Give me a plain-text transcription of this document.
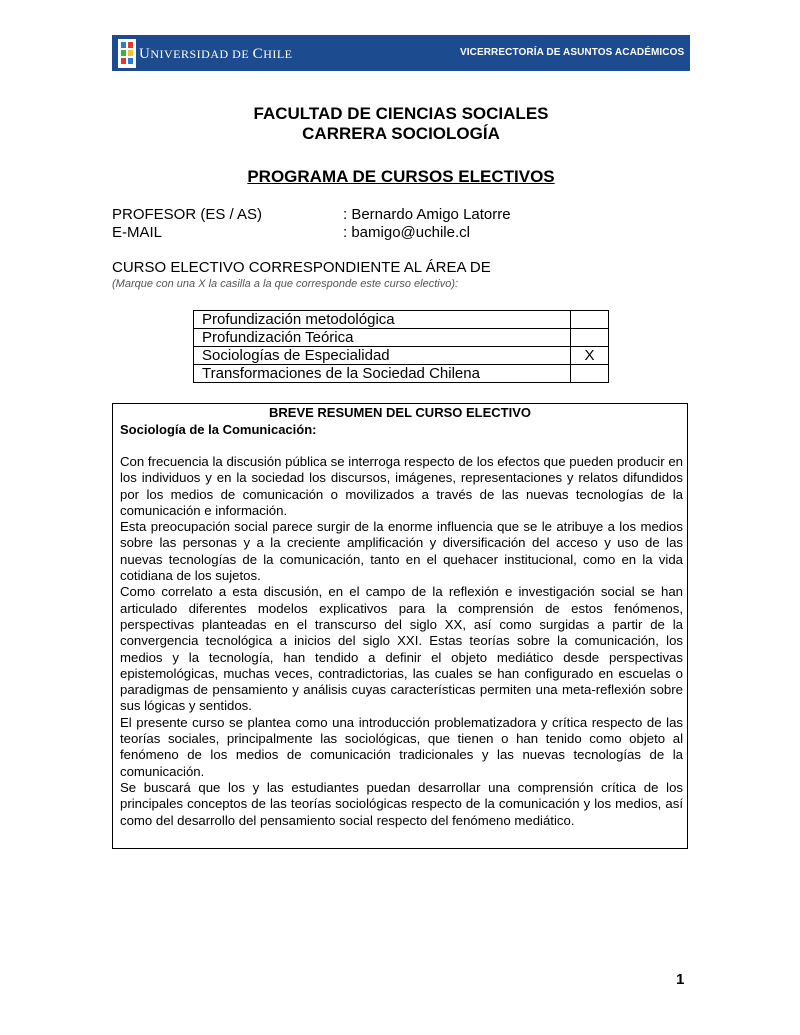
UNIVERSIDAD DE CHILE	VICERRECTORÍA DE ASUNTOS ACADÉMICOS
FACULTAD DE CIENCIAS SOCIALES
CARRERA SOCIOLOGÍA
PROGRAMA DE CURSOS ELECTIVOS
PROFESOR (ES / AS)	: Bernardo Amigo Latorre
E-MAIL	: bamigo@uchile.cl
CURSO ELECTIVO CORRESPONDIENTE AL ÁREA DE
(Marque con una X la casilla a la que corresponde este curso electivo):
Profundización metodológica	
Profundización Teórica	
Sociologías de Especialidad	X
Transformaciones de la Sociedad Chilena	
BREVE RESUMEN DEL CURSO ELECTIVO
Sociología de la Comunicación:

Con frecuencia la discusión pública se interroga respecto de los efectos que pueden producir en los individuos y en la sociedad los discursos, imágenes, representaciones y relatos difundidos por los medios de comunicación o movilizados a través de las nuevas tecnologías de la comunicación e información.

Esta preocupación social parece surgir de la enorme influencia que se le atribuye a los medios sobre las personas y a la creciente amplificación y diversificación del acceso y uso de las nuevas tecnologías de la comunicación, tanto en el quehacer institucional, como en la vida cotidiana de los sujetos.

Como correlato a esta discusión, en el campo de la reflexión e investigación social se han articulado diferentes modelos explicativos para la comprensión de estos fenómenos, perspectivas planteadas en el transcurso del siglo XX, así como surgidas a partir de la convergencia tecnológica a inicios del siglo XXI. Estas teorías sobre la comunicación, los medios y la tecnología, han tendido a definir el objeto mediático desde perspectivas epistemológicas, muchas veces, contradictorias, las cuales se han configurado en escuelas o paradigmas de pensamiento y análisis cuyas características permiten una meta-reflexión sobre sus lógicas y sentidos.

El presente curso se plantea como una introducción problematizadora y crítica respecto de las teorías sociales, principalmente las sociológicas, que tienen o han tenido como objeto al fenómeno de los medios de comunicación tradicionales y las nuevas tecnologías de la comunicación.

Se buscará que los y las estudiantes puedan desarrollar una comprensión crítica de los principales conceptos de las teorías sociológicas respecto de la comunicación y los medios, así como del desarrollo del pensamiento social respecto del fenómeno mediático.

1
